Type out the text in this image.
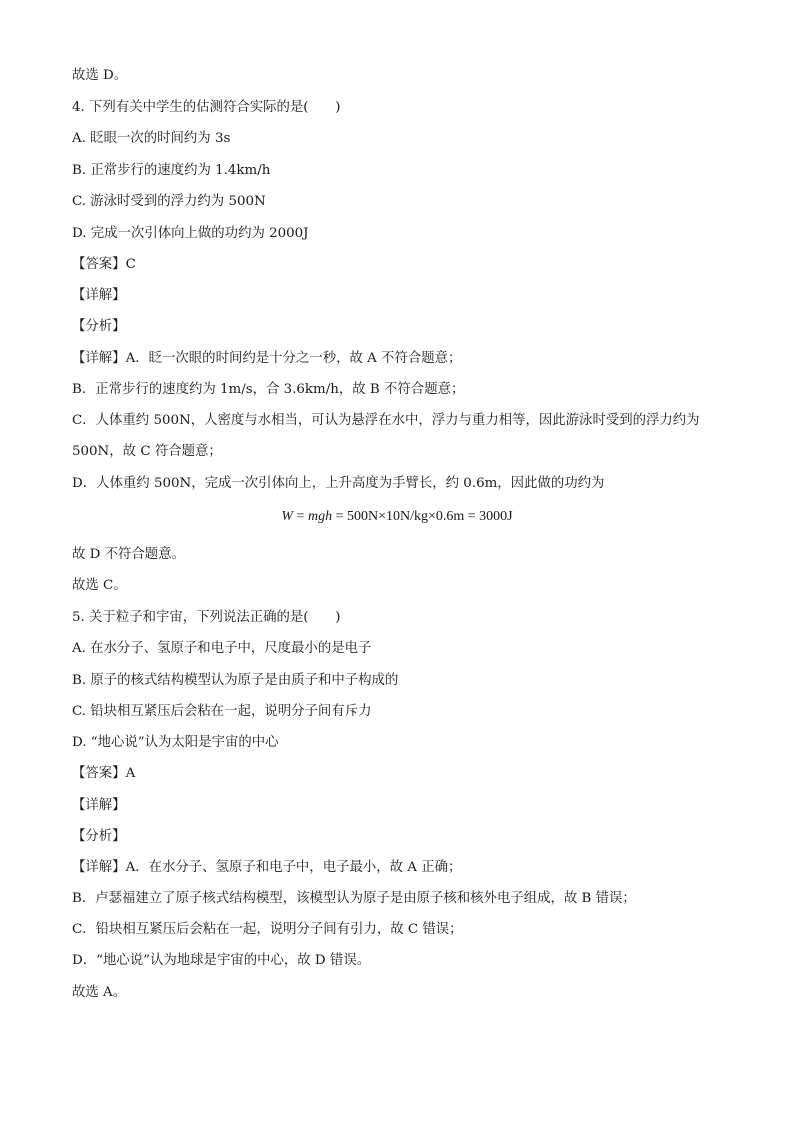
故选 D。
4. 下列有关中学生的估测符合实际的是(　　)
A. 眨眼一次的时间约为 3s
B. 正常步行的速度约为 1.4km/h
C. 游泳时受到的浮力约为 500N
D. 完成一次引体向上做的功约为 2000J
【答案】C
【详解】
【分析】
【详解】A．眨一次眼的时间约是十分之一秒，故 A 不符合题意；
B．正常步行的速度约为 1m/s，合 3.6km/h，故 B 不符合题意；
C．人体重约 500N，人密度与水相当，可认为悬浮在水中，浮力与重力相等，因此游泳时受到的浮力约为
500N，故 C 符合题意；
D．人体重约 500N，完成一次引体向上，上升高度为手臂长，约 0.6m，因此做的功约为
W = mgh = 500N×10N/kg×0.6m = 3000J
故 D 不符合题意。
故选 C。
5. 关于粒子和宇宙，下列说法正确的是(　　)
A. 在水分子、氢原子和电子中，尺度最小的是电子
B. 原子的核式结构模型认为原子是由质子和中子构成的
C. 铅块相互紧压后会粘在一起，说明分子间有斥力
D. “地心说”认为太阳是宇宙的中心
【答案】A
【详解】
【分析】
【详解】A．在水分子、氢原子和电子中，电子最小，故 A 正确；
B．卢瑟福建立了原子核式结构模型，该模型认为原子是由原子核和核外电子组成，故 B 错误；
C．铅块相互紧压后会粘在一起，说明分子间有引力，故 C 错误；
D．“地心说”认为地球是宇宙的中心，故 D 错误。
故选 A。
